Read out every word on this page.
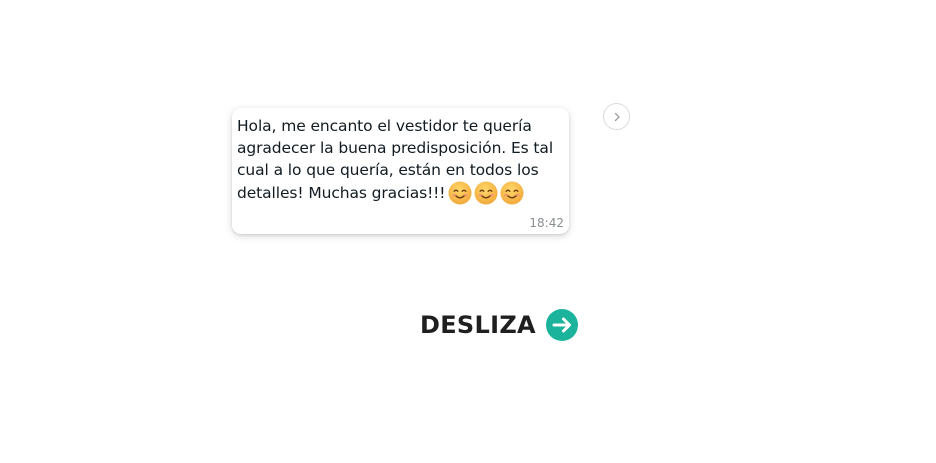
Hola, me encanto el vestidor te quería agradecer la buena predisposición. Es tal cual a lo que quería, están en todos los detalles! Muchas gracias!!!
18:42
DESLIZA
